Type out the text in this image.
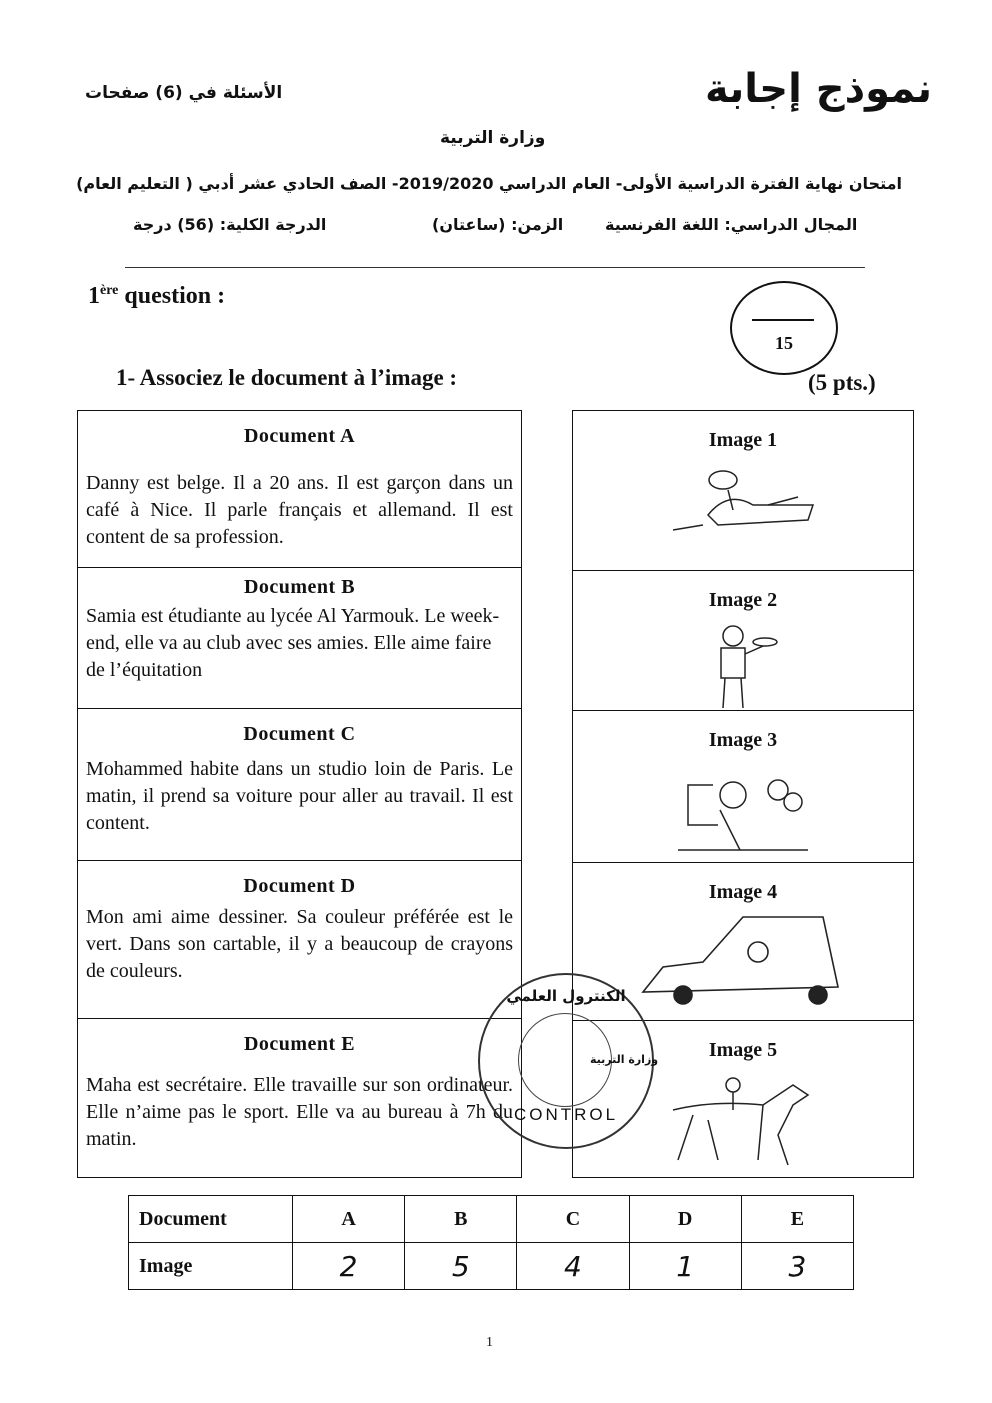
نموذج إجابة
الأسئلة في (6) صفحات
وزارة التربية
امتحان نهاية الفترة الدراسية الأولى- العام الدراسي 2019/2020- الصف الحادي عشر أدبي ( التعليم العام)
المجال الدراسي: اللغة الفرنسية
الزمن: (ساعتان)
الدرجة الكلية: (56) درجة
1ère question :
15
1- Associez le document à l’image :	(5 pts.)
Document A
Danny est belge. Il a 20 ans. Il est garçon dans un café à Nice. Il parle français et allemand. Il est content de sa profession.
Document B
Samia est étudiante au lycée Al Yarmouk. Le week-end, elle va au club avec ses amies. Elle aime faire de l’équitation
Document C
Mohammed habite dans un studio loin de Paris. Le matin, il prend sa voiture pour aller au travail. Il est content.
Document D
Mon ami aime dessiner. Sa couleur préférée est le vert. Dans son cartable, il y a beaucoup de crayons de couleurs.
Document E
Maha est secrétaire. Elle travaille sur son ordinateur. Elle n’aime pas le sport. Elle va au bureau à 7h du matin.
Image 1
Image 2
Image 3
Image 4
Image 5
الكنترول العلمي
وزارة التربية
CONTROL
Document	A	B	C	D	E
Image	2	5	4	1	3
1
